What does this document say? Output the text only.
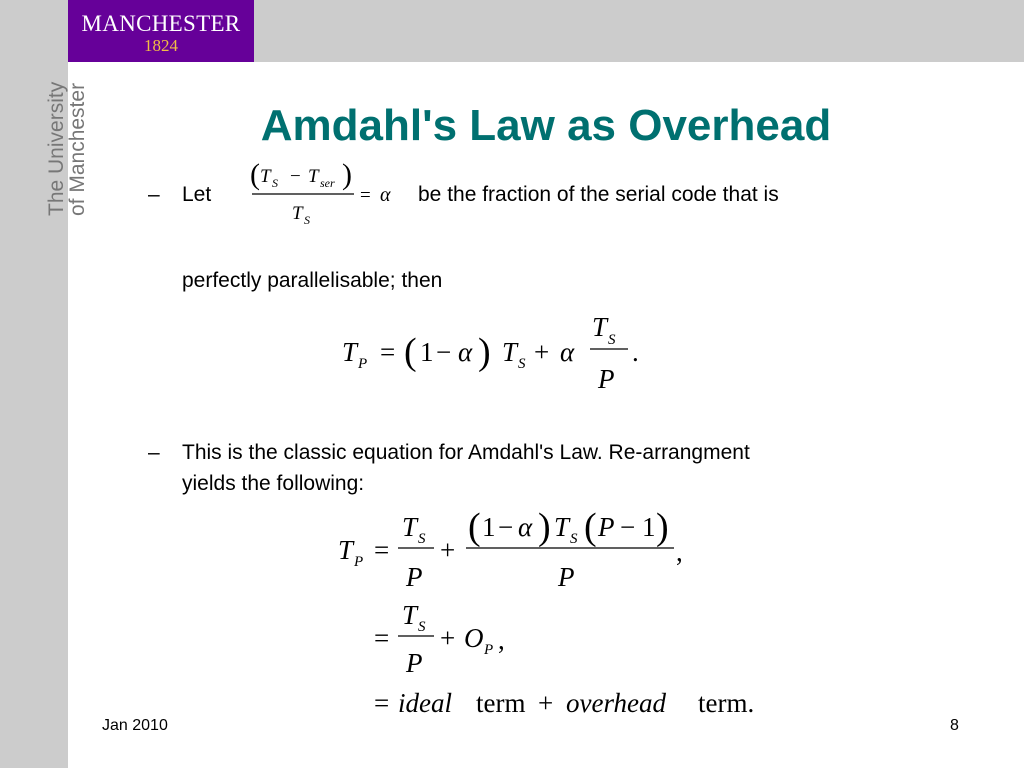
MANCHESTER
1824
The University
of Manchester	Amdahl's Law as Overhead
– Let
( T S − T ser )
T S
= α be the fraction of the serial code that is
perfectly parallelisable; then
T P = ( 1 − α ) T S + α
T S
P
.
– This is the classic equation for Amdahl's Law. Re-arrangment
yields the following:
T P =
T S
P
+
( 1 − α ) T S ( P − 1 )
P
,
=
T S
P
+ O P ,
= ideal term + overhead term.
Jan 2010	8
